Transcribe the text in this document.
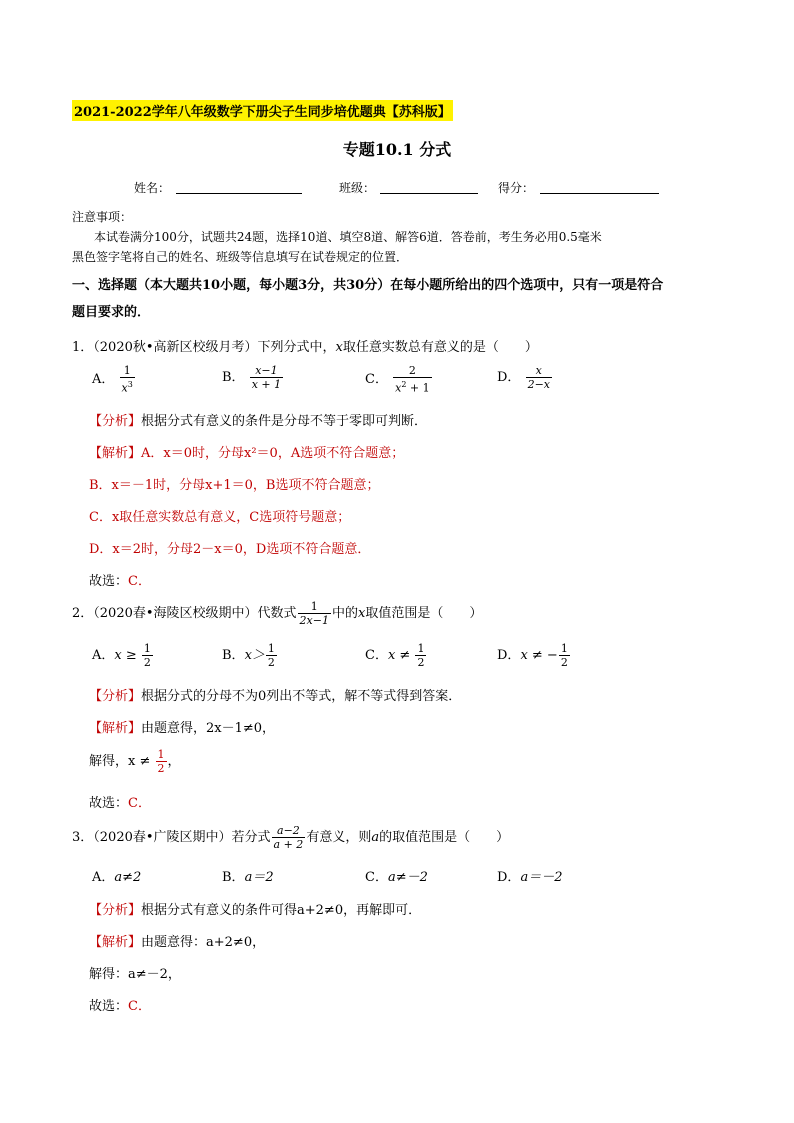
2021-2022学年八年级数学下册尖子生同步培优题典【苏科版】
专题10.1 分式
姓名：	班级：	得分：
注意事项：
本试卷满分100分，试题共24题，选择10道、填空8道、解答6道．答卷前，考生务必用0.5毫米
黑色签字笔将自己的姓名、班级等信息填写在试卷规定的位置．
一、选择题（本大题共10小题，每小题3分，共30分）在每小题所给出的四个选项中，只有一项是符合
题目要求的．
1．（2020秋•高新区校级月考）下列分式中，x取任意实数总有意义的是（　　）
A． $\frac{1}{x^3}$	B． $\frac{x-1}{x + 1}$	C． $\frac{2}{x^2 + 1}$	D． $\frac{x}{2-x}$
【分析】根据分式有意义的条件是分母不等于零即可判断．
【解析】A．x＝0时，分母x²＝0，A选项不符合题意；
B．x＝－1时，分母x+1＝0，B选项不符合题意；
C．x取任意实数总有意义，C选项符号题意；
D．x＝2时，分母2－x＝0，D选项不符合题意．
故选：C．
2．（2020春•海陵区校级期中）代数式 $\frac{1}{2x-1}$ 中的x取值范围是（　　）
A．$x \ge \frac{1}{2}$	B．$x> \frac{1}{2}$	C．$x \ne \frac{1}{2}$	D．x ≠ − $\frac{1}{2}$
【分析】根据分式的分母不为0列出不等式，解不等式得到答案．
【解析】由题意得，2x－1≠0，
解得，$x \ne \frac{1}{2}$ ，
故选：C．
3．（2020春•广陵区期中）若分式 $\frac{a-2}{a + 2}$ 有意义，则a的取值范围是（　　）
A．a≠2	B．a＝2	C．a≠－2	D．a＝－2
【分析】根据分式有意义的条件可得a+2≠0，再解即可．
【解析】由题意得：a+2≠0，
解得：a≠－2，
故选：C．
